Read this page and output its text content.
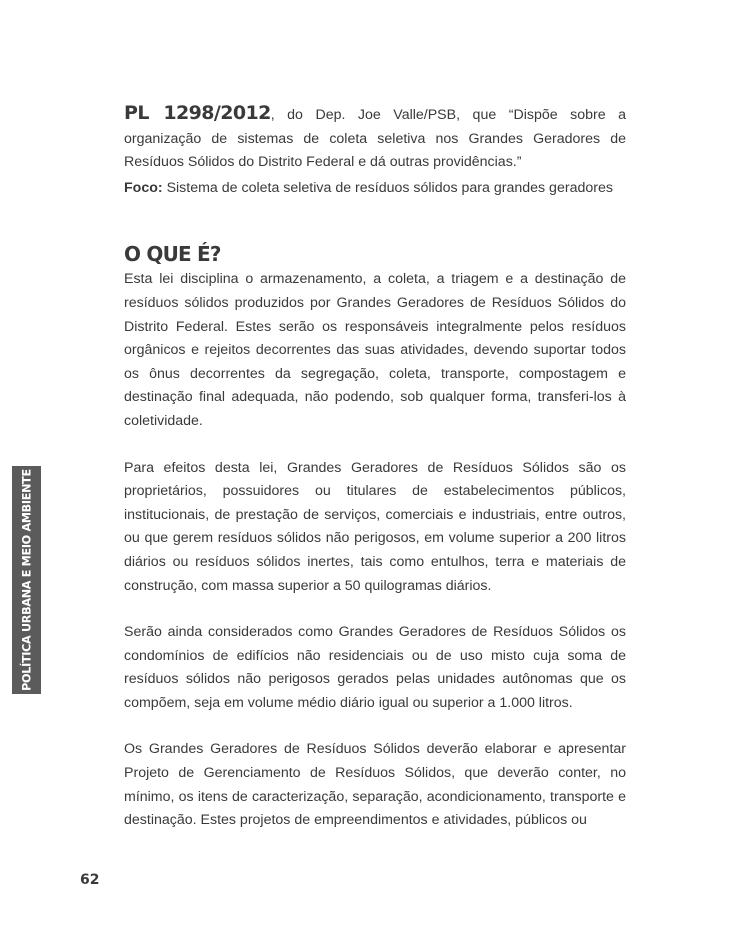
POLÍTICA URBANA E MEIO AMBIENTE

PL 1298/2012, do Dep. Joe Valle/PSB, que “Dispõe sobre a organização de sistemas de coleta seletiva nos Grandes Geradores de Resíduos Sólidos do Distrito Federal e dá outras providências.”

Foco: Sistema de coleta seletiva de resíduos sólidos para grandes geradores

O QUE É?

Esta lei disciplina o armazenamento, a coleta, a triagem e a destinação de resíduos sólidos produzidos por Grandes Geradores de Resíduos Sólidos do Distrito Federal. Estes serão os responsáveis integralmente pelos resíduos orgânicos e rejeitos decorrentes das suas atividades, devendo suportar todos os ônus decorrentes da segregação, coleta, transporte, compostagem e destinação final adequada, não podendo, sob qualquer forma, transferi-los à coletividade.

Para efeitos desta lei, Grandes Geradores de Resíduos Sólidos são os proprietários, possuidores ou titulares de estabelecimentos públicos, institucionais, de prestação de serviços, comerciais e industriais, entre outros, ou que gerem resíduos sólidos não perigosos, em volume superior a 200 litros diários ou resíduos sólidos inertes, tais como entulhos, terra e materiais de construção, com massa superior a 50 quilogramas diários.

Serão ainda considerados como Grandes Geradores de Resíduos Sólidos os condomínios de edifícios não residenciais ou de uso misto cuja soma de resíduos sólidos não perigosos gerados pelas unidades autônomas que os compõem, seja em volume médio diário igual ou superior a 1.000 litros.

Os Grandes Geradores de Resíduos Sólidos deverão elaborar e apresentar Projeto de Gerenciamento de Resíduos Sólidos, que deverão conter, no mínimo, os itens de caracterização, separação, acondicionamento, transporte e destinação. Estes projetos de empreendimentos e atividades, públicos ou

62
